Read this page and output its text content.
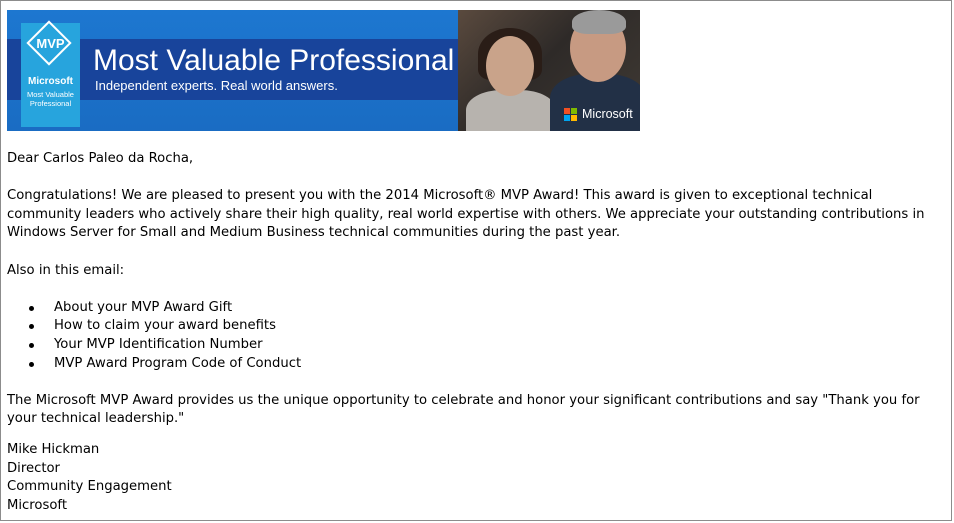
MVP
Microsoft
Most Valuable
Professional
Most Valuable Professional
Independent experts. Real world answers.
Microsoft

Dear Carlos Paleo da Rocha,

Congratulations! We are pleased to present you with the 2014 Microsoft® MVP Award! This award is given to exceptional technical community leaders who actively share their high quality, real world expertise with others. We appreciate your outstanding contributions in Windows Server for Small and Medium Business technical communities during the past year.

Also in this email:

About your MVP Award Gift
How to claim your award benefits
Your MVP Identification Number
MVP Award Program Code of Conduct

The Microsoft MVP Award provides us the unique opportunity to celebrate and honor your significant contributions and say "Thank you for your technical leadership."

Mike Hickman

Director

Community Engagement

Microsoft
